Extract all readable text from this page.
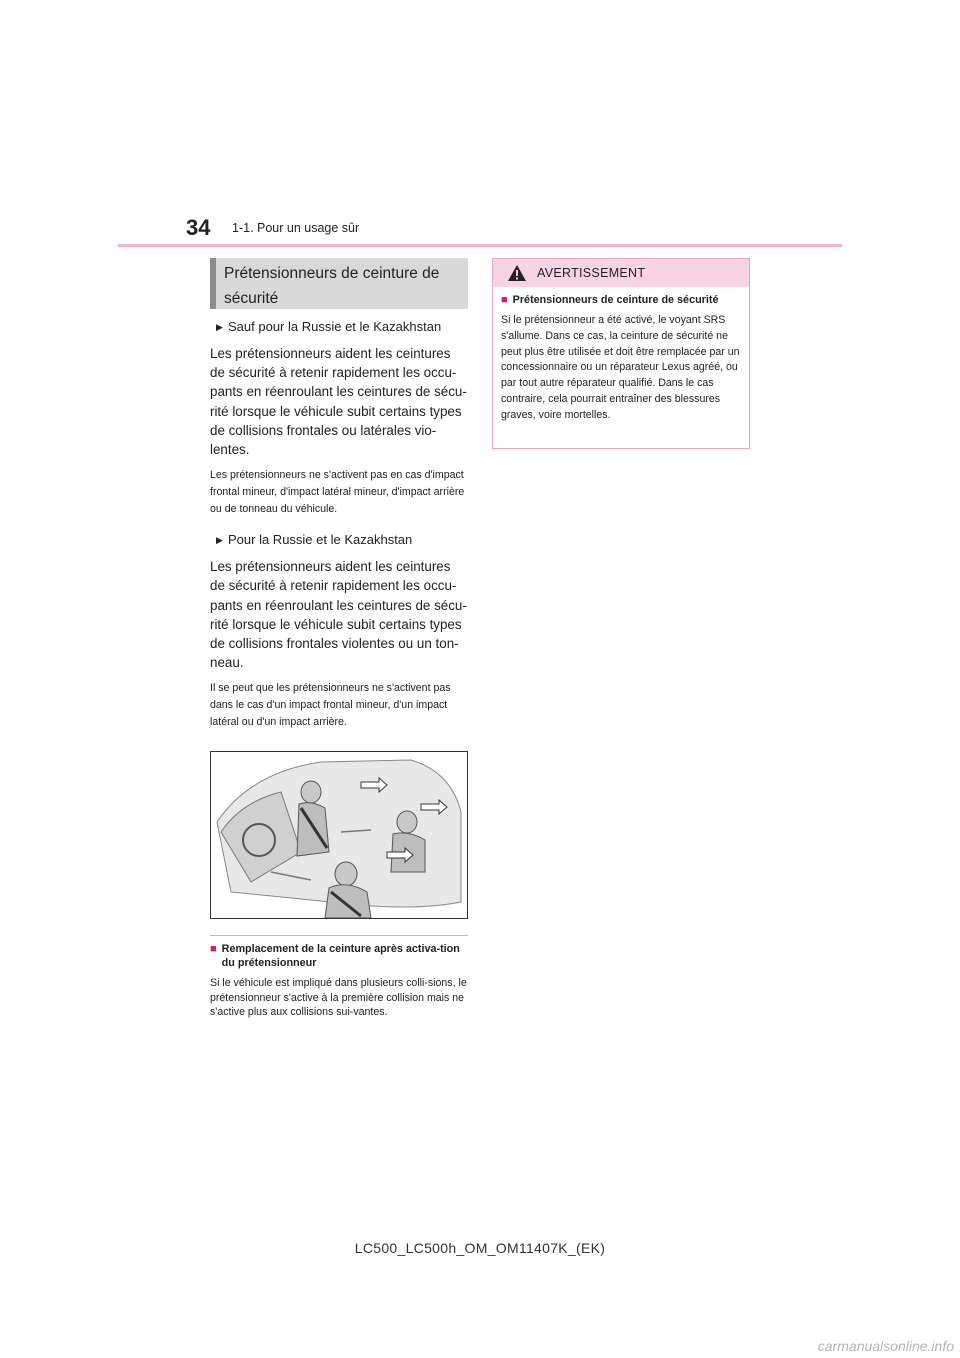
34 1-1. Pour un usage sûr
Prétensionneurs de ceinture de sécurité
▶ Sauf pour la Russie et le Kazakhstan

Les prétensionneurs aident les ceintures de sécurité à retenir rapidement les occu-pants en réenroulant les ceintures de sécu-rité lorsque le véhicule subit certains types de collisions frontales ou latérales vio-lentes.

Les prétensionneurs ne s'activent pas en cas d'impact frontal mineur, d'impact latéral mineur, d'impact arrière ou de tonneau du véhicule.

▶ Pour la Russie et le Kazakhstan

Les prétensionneurs aident les ceintures de sécurité à retenir rapidement les occu-pants en réenroulant les ceintures de sécu-rité lorsque le véhicule subit certains types de collisions frontales violentes ou un ton-neau.

Il se peut que les prétensionneurs ne s'activent pas dans le cas d'un impact frontal mineur, d'un impact latéral ou d'un impact arrière.

■ Remplacement de la ceinture après activa-tion du prétensionneur
Si le véhicule est impliqué dans plusieurs colli-sions, le prétensionneur s'active à la première collision mais ne s'active plus aux collisions sui-vantes.
AVERTISSEMENT
■ Prétensionneurs de ceinture de sécurité
Si le prétensionneur a été activé, le voyant SRS s'allume. Dans ce cas, la ceinture de sécurité ne peut plus être utilisée et doit être remplacée par un concessionnaire ou un réparateur Lexus agréé, ou par tout autre réparateur qualifié. Dans le cas contraire, cela pourrait entraîner des blessures graves, voire mortelles.
LC500_LC500h_OM_OM11407K_(EK)
carmanualsonline.info
